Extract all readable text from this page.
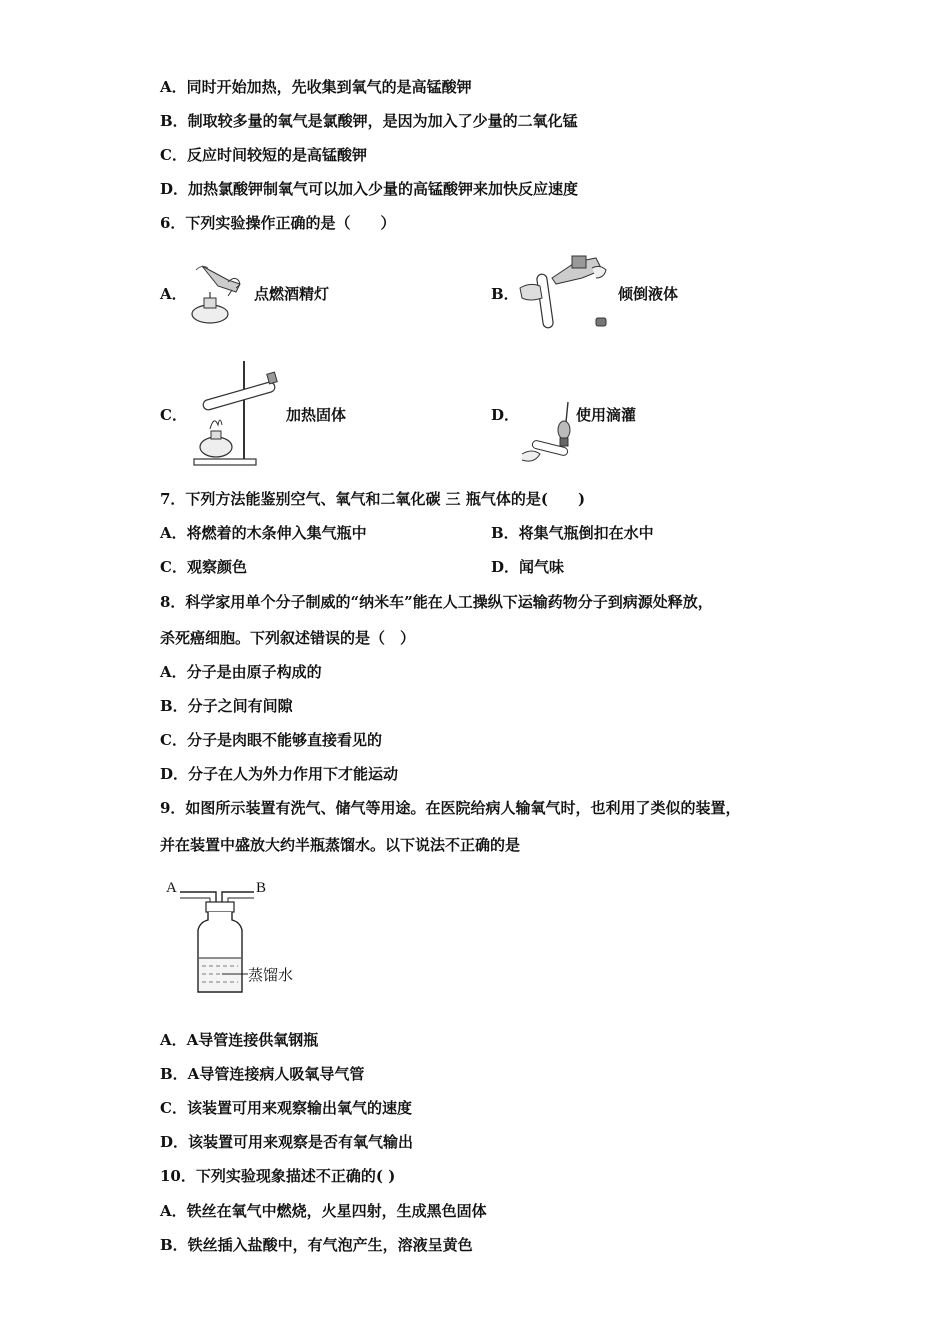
A．同时开始加热，先收集到氧气的是高锰酸钾
B．制取较多量的氧气是氯酸钾，是因为加入了少量的二氧化锰
C．反应时间较短的是高锰酸钾
D．加热氯酸钾制氧气可以加入少量的高锰酸钾来加快反应速度
6．下列实验操作正确的是（　　）
A．	点燃酒精灯	B．	倾倒液体
C．	加热固体	D．	使用滴灌
7．下列方法能鉴别空气、氧气和二氧化碳 三 瓶气体的是(　　)
A．将燃着的木条伸入集气瓶中	B．将集气瓶倒扣在水中
C．观察颜色	D．闻气味
8．科学家用单个分子制威的“纳米车”能在人工操纵下运输药物分子到病源处释放，
杀死癌细胞。下列叙述错误的是（　）
A．分子是由原子构成的
B．分子之间有间隙
C．分子是肉眼不能够直接看见的
D．分子在人为外力作用下才能运动
9．如图所示装置有洗气、储气等用途。在医院给病人输氧气时，也利用了类似的装置，
并在装置中盛放大约半瓶蒸馏水。以下说法不正确的是
A	B
蒸馏水
A．A导管连接供氧钢瓶
B．A导管连接病人吸氧导气管
C．该装置可用来观察输出氧气的速度
D．该装置可用来观察是否有氧气输出
10．下列实验现象描述不正确的( )
A．铁丝在氧气中燃烧，火星四射，生成黑色固体
B．铁丝插入盐酸中，有气泡产生，溶液呈黄色
